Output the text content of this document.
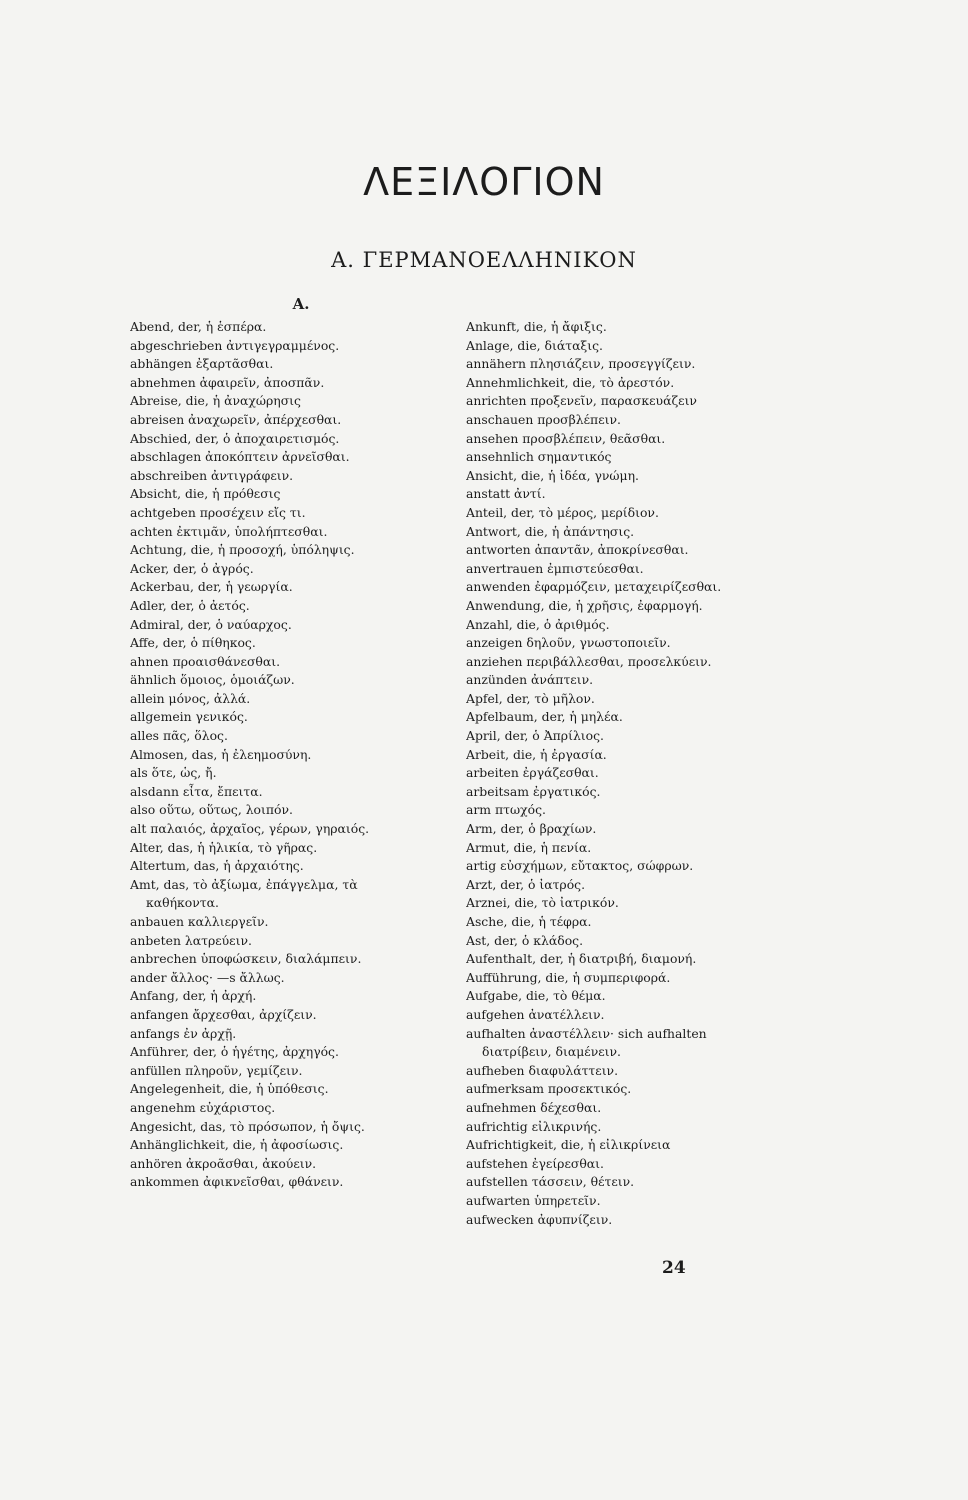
ΛΕΞΙΛΟΓΙΟΝ
Α. ΓΕΡΜΑΝΟΕΛΛΗΝΙΚΟΝ
A.
Abend, der, ἡ ἑσπέρα.
abgeschrieben ἀντιγεγραμμένος.
abhängen ἐξαρτᾶσθαι.
abnehmen ἀφαιρεῖν, ἀποσπᾶν.
Abreise, die, ἡ ἀναχώρησις
abreisen ἀναχωρεῖν, ἀπέρχεσθαι.
Abschied, der, ὁ ἀποχαιρετισμός.
abschlagen ἀποκόπτειν ἀρνεῖσθαι.
abschreiben ἀντιγράφειν.
Absicht, die, ἡ πρόθεσις
achtgeben προσέχειν εἴς τι.
achten ἐκτιμᾶν, ὑπολήπτεσθαι.
Achtung, die, ἡ προσοχή, ὑπόληψις.
Acker, der, ὁ ἀγρός.
Ackerbau, der, ἡ γεωργία.
Adler, der, ὁ ἀετός.
Admiral, der, ὁ ναύαρχος.
Affe, der, ὁ πίθηκος.
ahnen προαισθάνεσθαι.
ähnlich ὅμοιος, ὁμοιάζων.
allein μόνος, ἀλλά.
allgemein γενικός.
alles πᾶς, ὅλος.
Almosen, das, ἡ ἐλεημοσύνη.
als ὅτε, ὡς, ἤ.
alsdann εἶτα, ἔπειτα.
also οὕτω, οὕτως, λοιπόν.
alt παλαιός, ἀρχαῖος, γέρων, γηραιός.
Alter, das, ἡ ἡλικία, τὸ γῆρας.
Altertum, das, ἡ ἀρχαιότης.
Amt, das, τὸ ἀξίωμα, ἐπάγγελμα, τὰ
καθήκοντα.
anbauen καλλιεργεῖν.
anbeten λατρεύειν.
anbrechen ὑποφώσκειν, διαλάμπειν.
ander ἄλλος· —s ἄλλως.
Anfang, der, ἡ ἀρχή.
anfangen ἄρχεσθαι, ἀρχίζειν.
anfangs ἐν ἀρχῇ.
Anführer, der, ὁ ἡγέτης, ἀρχηγός.
anfüllen πληροῦν, γεμίζειν.
Angelegenheit, die, ἡ ὑπόθεσις.
angenehm εὐχάριστος.
Angesicht, das, τὸ πρόσωπον, ἡ ὄψις.
Anhänglichkeit, die, ἡ ἀφοσίωσις.
anhören ἀκροᾶσθαι, ἀκούειν.
ankommen ἀφικνεῖσθαι, φθάνειν.
Ankunft, die, ἡ ἄφιξις.
Anlage, die, διάταξις.
annähern πλησιάζειν, προσεγγίζειν.
Annehmlichkeit, die, τὸ ἀρεστόν.
anrichten προξενεῖν, παρασκευάζειν
anschauen προσβλέπειν.
ansehen προσβλέπειν, θεᾶσθαι.
ansehnlich σημαντικός
Ansicht, die, ἡ ἰδέα, γνώμη.
anstatt ἀντί.
Anteil, der, τὸ μέρος, μερίδιον.
Antwort, die, ἡ ἀπάντησις.
antworten ἀπαντᾶν, ἀποκρίνεσθαι.
anvertrauen ἐμπιστεύεσθαι.
anwenden ἐφαρμόζειν, μεταχειρίζεσθαι.
Anwendung, die, ἡ χρῆσις, ἐφαρμογή.
Anzahl, die, ὁ ἀριθμός.
anzeigen δηλοῦν, γνωστοποιεῖν.
anziehen περιβάλλεσθαι, προσελκύειν.
anzünden ἀνάπτειν.
Apfel, der, τὸ μῆλον.
Apfelbaum, der, ἡ μηλέα.
April, der, ὁ Ἀπρίλιος.
Arbeit, die, ἡ ἐργασία.
arbeiten ἐργάζεσθαι.
arbeitsam ἐργατικός.
arm πτωχός.
Arm, der, ὁ βραχίων.
Armut, die, ἡ πενία.
artig εὐσχήμων, εὔτακτος, σώφρων.
Arzt, der, ὁ ἰατρός.
Arznei, die, τὸ ἰατρικόν.
Asche, die, ἡ τέφρα.
Ast, der, ὁ κλάδος.
Aufenthalt, der, ἡ διατριβή, διαμονή.
Aufführung, die, ἡ συμπεριφορά.
Aufgabe, die, τὸ θέμα.
aufgehen ἀνατέλλειν.
aufhalten ἀναστέλλειν· sich aufhalten
διατρίβειν, διαμένειν.
aufheben διαφυλάττειν.
aufmerksam προσεκτικός.
aufnehmen δέχεσθαι.
aufrichtig εἰλικρινής.
Aufrichtigkeit, die, ἡ εἰλικρίνεια
aufstehen ἐγείρεσθαι.
aufstellen τάσσειν, θέτειν.
aufwarten ὑπηρετεῖν.
aufwecken ἀφυπνίζειν.
24
